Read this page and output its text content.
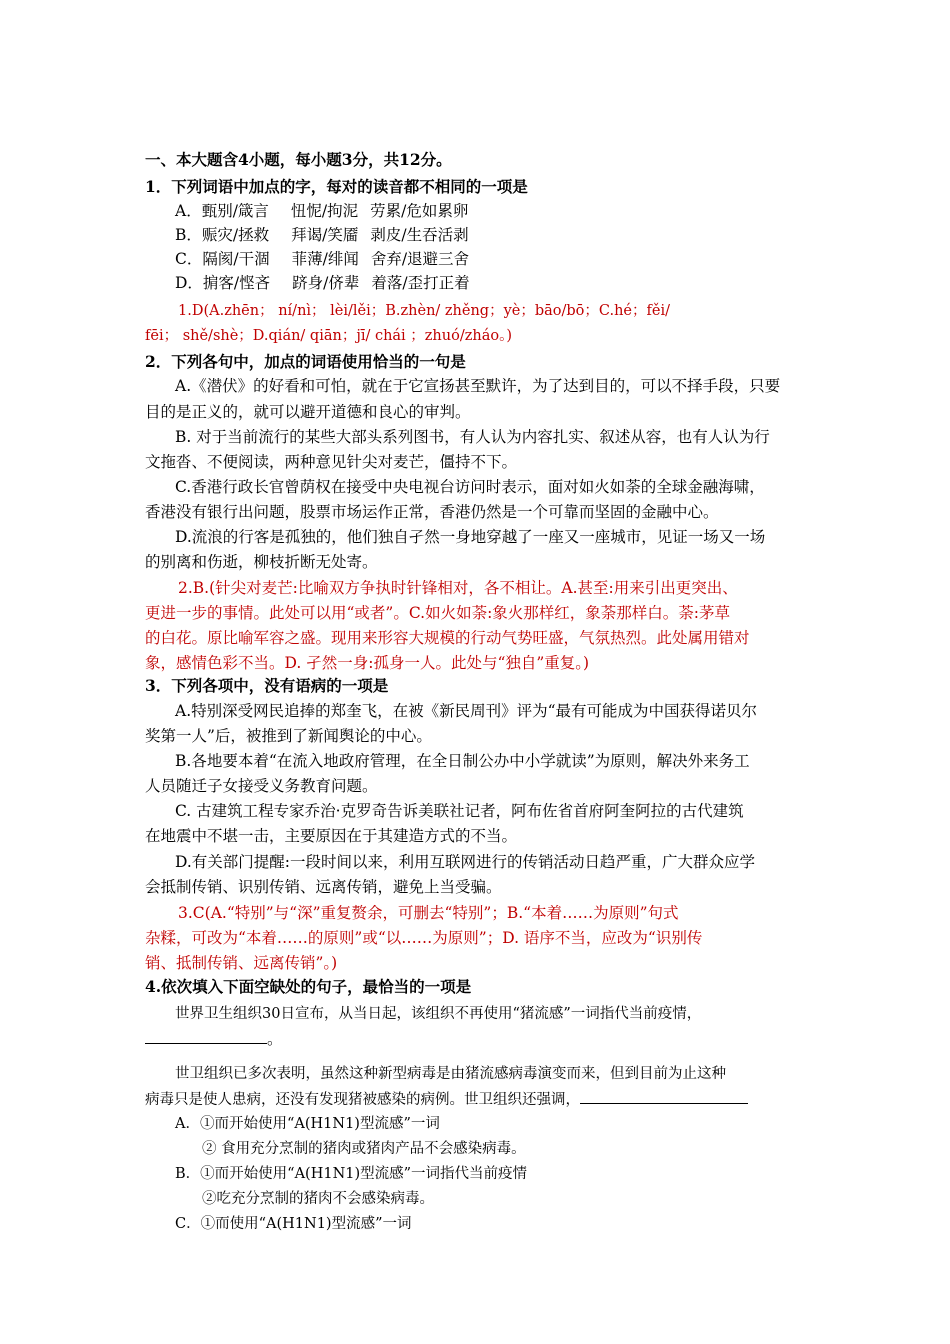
一、本大题含4小题，每小题3分，共12分。
1．下列词语中加点的字，每对的读音都不相同的一项是
A．甄别/箴言 忸怩/拘泥 劳累/危如累卵
B．赈灾/拯救 拜谒/笑靥 剥皮/生吞活剥
C．隔阂/干涸 菲薄/绯闻 舍弃/退避三舍
D．掮客/悭吝 跻身/侪辈 着落/歪打正着
1.D(A.zhēn； ní/nì； lèi/lěi；B.zhèn/ zhěng；yè；bāo/bō；C.hé；fěi/
fēi； shě/shè；D.qián/ qiān；jī/ chái ；zhuó/zháo。)
2．下列各句中，加点的词语使用恰当的一句是
A.《潜伏》的好看和可怕，就在于它宣扬甚至默许，为了达到目的，可以不择手段，只要
目的是正义的，就可以避开道德和良心的审判。
B. 对于当前流行的某些大部头系列图书，有人认为内容扎实、叙述从容，也有人认为行
文拖沓、不便阅读，两种意见针尖对麦芒，僵持不下。
C.香港行政长官曾荫权在接受中央电视台访问时表示，面对如火如荼的全球金融海啸，
香港没有银行出问题，股票市场运作正常，香港仍然是一个可靠而坚固的金融中心。
D.流浪的行客是孤独的，他们独自孑然一身地穿越了一座又一座城市，见证一场又一场
的别离和伤逝，柳枝折断无处寄。
2.B.(针尖对麦芒:比喻双方争执时针锋相对，各不相让。A.甚至:用来引出更突出、
更进一步的事情。此处可以用“或者”。C.如火如荼:象火那样红，象荼那样白。荼:茅草
的白花。原比喻军容之盛。现用来形容大规模的行动气势旺盛，气氛热烈。此处属用错对
象，感情色彩不当。D. 孑然一身:孤身一人。此处与“独自”重复。)
3．下列各项中，没有语病的一项是
A.特别深受网民追捧的郑奎飞，在被《新民周刊》评为“最有可能成为中国获得诺贝尔
奖第一人”后，被推到了新闻舆论的中心。
B.各地要本着“在流入地政府管理，在全日制公办中小学就读”为原则，解决外来务工
人员随迁子女接受义务教育问题。
C. 古建筑工程专家乔治·克罗奇告诉美联社记者，阿布佐省首府阿奎阿拉的古代建筑
在地震中不堪一击，主要原因在于其建造方式的不当。
D.有关部门提醒:一段时间以来，利用互联网进行的传销活动日趋严重，广大群众应学
会抵制传销、识别传销、远离传销，避免上当受骗。
3.C(A.“特别”与“深”重复赘余，可删去“特别”；B.“本着……为原则”句式
杂糅，可改为“本着……的原则”或“以……为原则”；D. 语序不当，应改为“识别传
销、抵制传销、远离传销”。)
4.依次填入下面空缺处的句子，最恰当的一项是
世界卫生组织30日宣布，从当日起，该组织不再使用“猪流感”一词指代当前疫情，
。
世卫组织已多次表明，虽然这种新型病毒是由猪流感病毒演变而来，但到目前为止这种
病毒只是使人患病，还没有发现猪被感染的病例。世卫组织还强调，
A．①而开始使用“A(H1N1)型流感”一词
② 食用充分烹制的猪肉或猪肉产品不会感染病毒。
B．①而开始使用“A(H1N1)型流感”一词指代当前疫情
②吃充分烹制的猪肉不会感染病毒。
C．①而使用“A(H1N1)型流感”一词
